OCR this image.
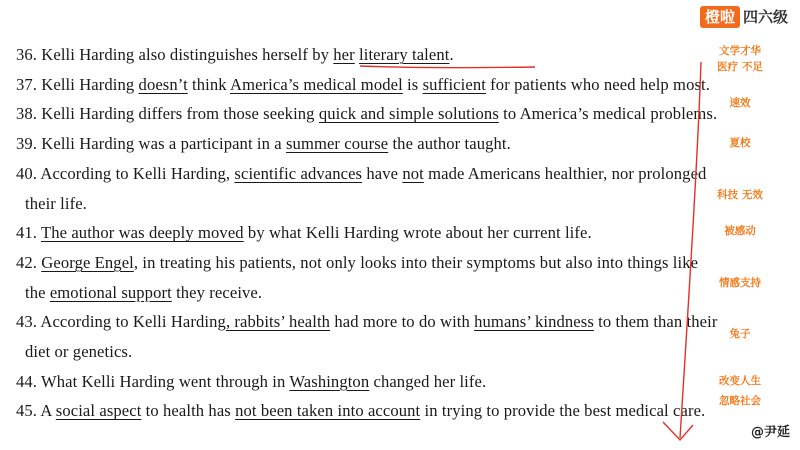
橙啦 四六级
36. Kelli Harding also distinguishes herself by her literary talent.
37. Kelli Harding doesn’t think America’s medical model is sufficient for patients who need help most.
38. Kelli Harding differs from those seeking quick and simple solutions to America’s medical problems.
39. Kelli Harding was a participant in a summer course the author taught.
40. According to Kelli Harding, scientific advances have not made Americans healthier, nor prolonged
their life.
41. The author was deeply moved by what Kelli Harding wrote about her current life.
42. George Engel, in treating his patients, not only looks into their symptoms but also into things like
the emotional support they receive.
43. According to Kelli Harding, rabbits’ health had more to do with humans’ kindness to them than their
diet or genetics.
44. What Kelli Harding went through in Washington changed her life.
45. A social aspect to health has not been taken into account in trying to provide the best medical care.
文学才华
医疗 不足
速效
夏校
科技 无效
被感动
情感支持
兔子
改变人生
忽略社会
@尹延
